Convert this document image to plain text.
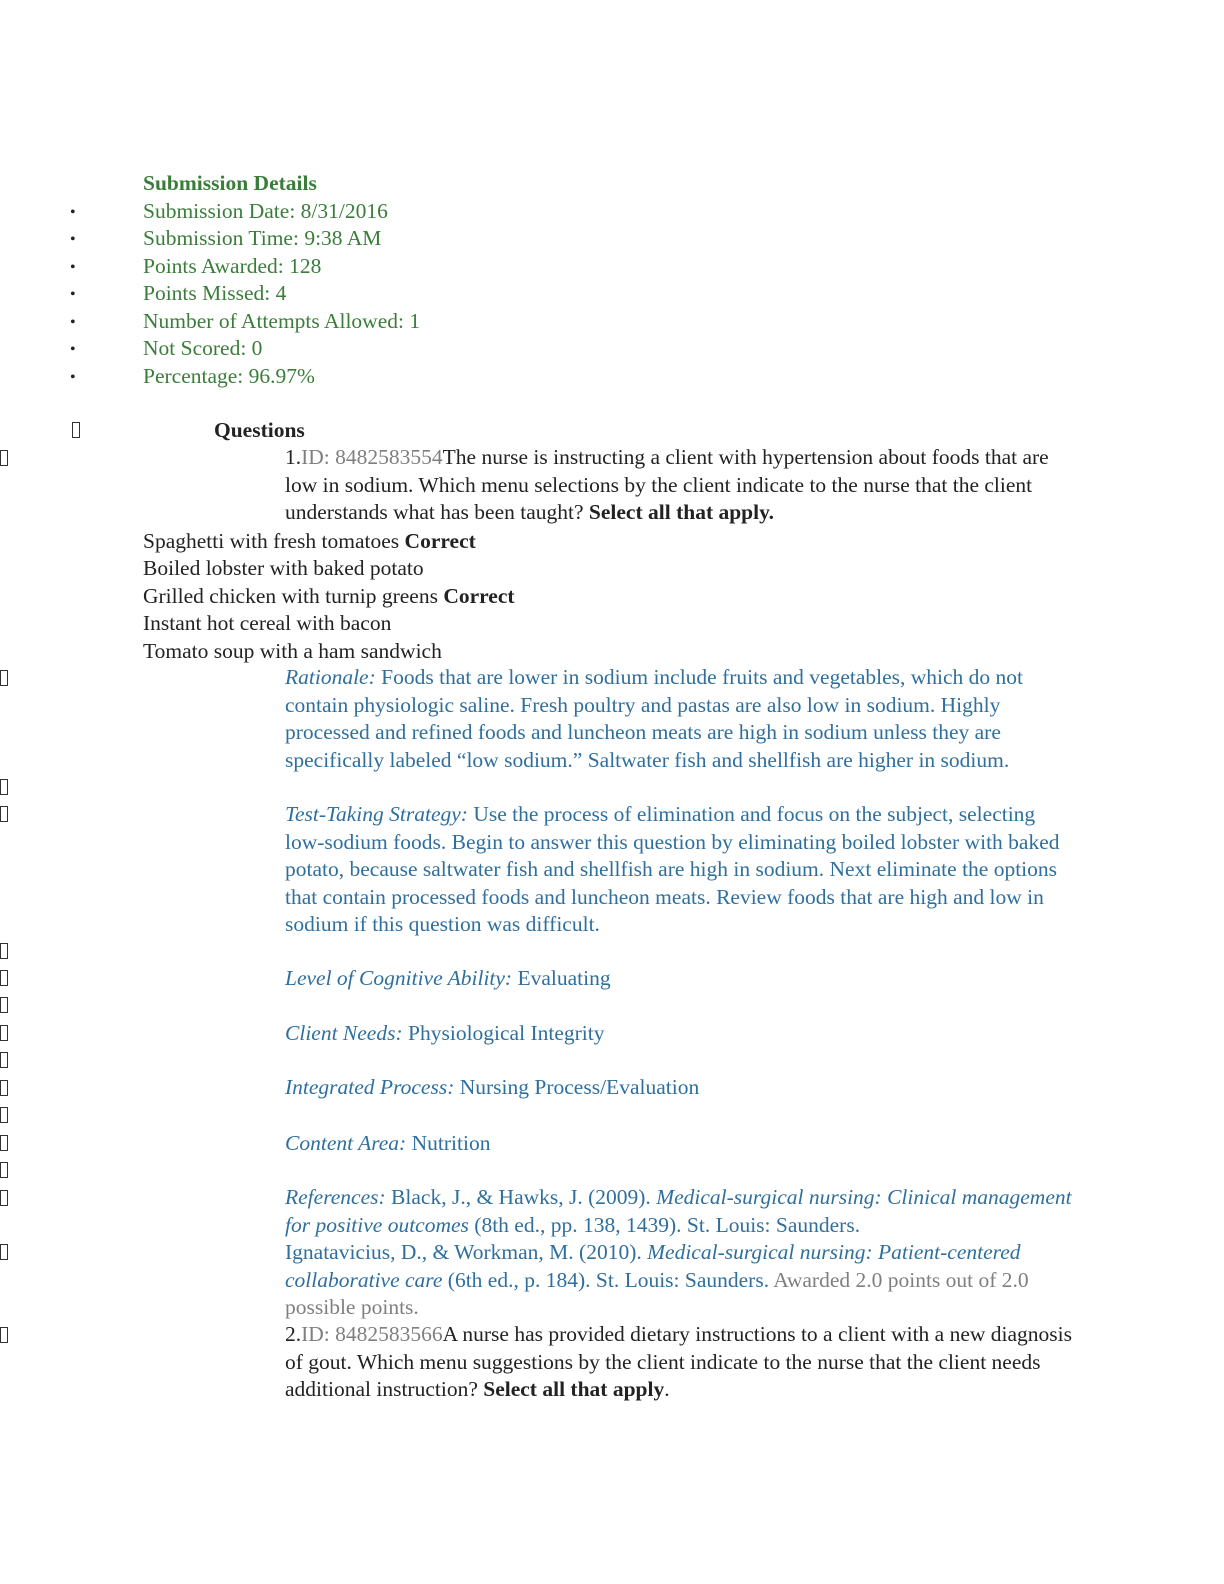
Submission Details
•	Submission Date: 8/31/2016
•	Submission Time: 9:38 AM
•	Points Awarded: 128
•	Points Missed: 4
•	Number of Attempts Allowed: 1
•	Not Scored: 0
•	Percentage: 96.97%
Questions
1.ID: 8482583554The nurse is instructing a client with hypertension about foods that are low in sodium. Which menu selections by the client indicate to the nurse that the client understands what has been taught? Select all that apply.
Spaghetti with fresh tomatoes Correct
Boiled lobster with baked potato
Grilled chicken with turnip greens Correct
Instant hot cereal with bacon
Tomato soup with a ham sandwich
Rationale: Foods that are lower in sodium include fruits and vegetables, which do not contain physiologic saline. Fresh poultry and pastas are also low in sodium. Highly processed and refined foods and luncheon meats are high in sodium unless they are specifically labeled “low sodium.” Saltwater fish and shellfish are higher in sodium.
Test-Taking Strategy: Use the process of elimination and focus on the subject, selecting low-sodium foods. Begin to answer this question by eliminating boiled lobster with baked potato, because saltwater fish and shellfish are high in sodium. Next eliminate the options that contain processed foods and luncheon meats. Review foods that are high and low in sodium if this question was difficult.
Level of Cognitive Ability: Evaluating
Client Needs: Physiological Integrity
Integrated Process: Nursing Process/Evaluation
Content Area: Nutrition
References: Black, J., & Hawks, J. (2009). Medical-surgical nursing: Clinical management for positive outcomes (8th ed., pp. 138, 1439). St. Louis: Saunders.
Ignatavicius, D., & Workman, M. (2010). Medical-surgical nursing: Patient-centered collaborative care (6th ed., p. 184). St. Louis: Saunders. Awarded 2.0 points out of 2.0 possible points.
2.ID: 8482583566A nurse has provided dietary instructions to a client with a new diagnosis of gout. Which menu suggestions by the client indicate to the nurse that the client needs additional instruction? Select all that apply.
